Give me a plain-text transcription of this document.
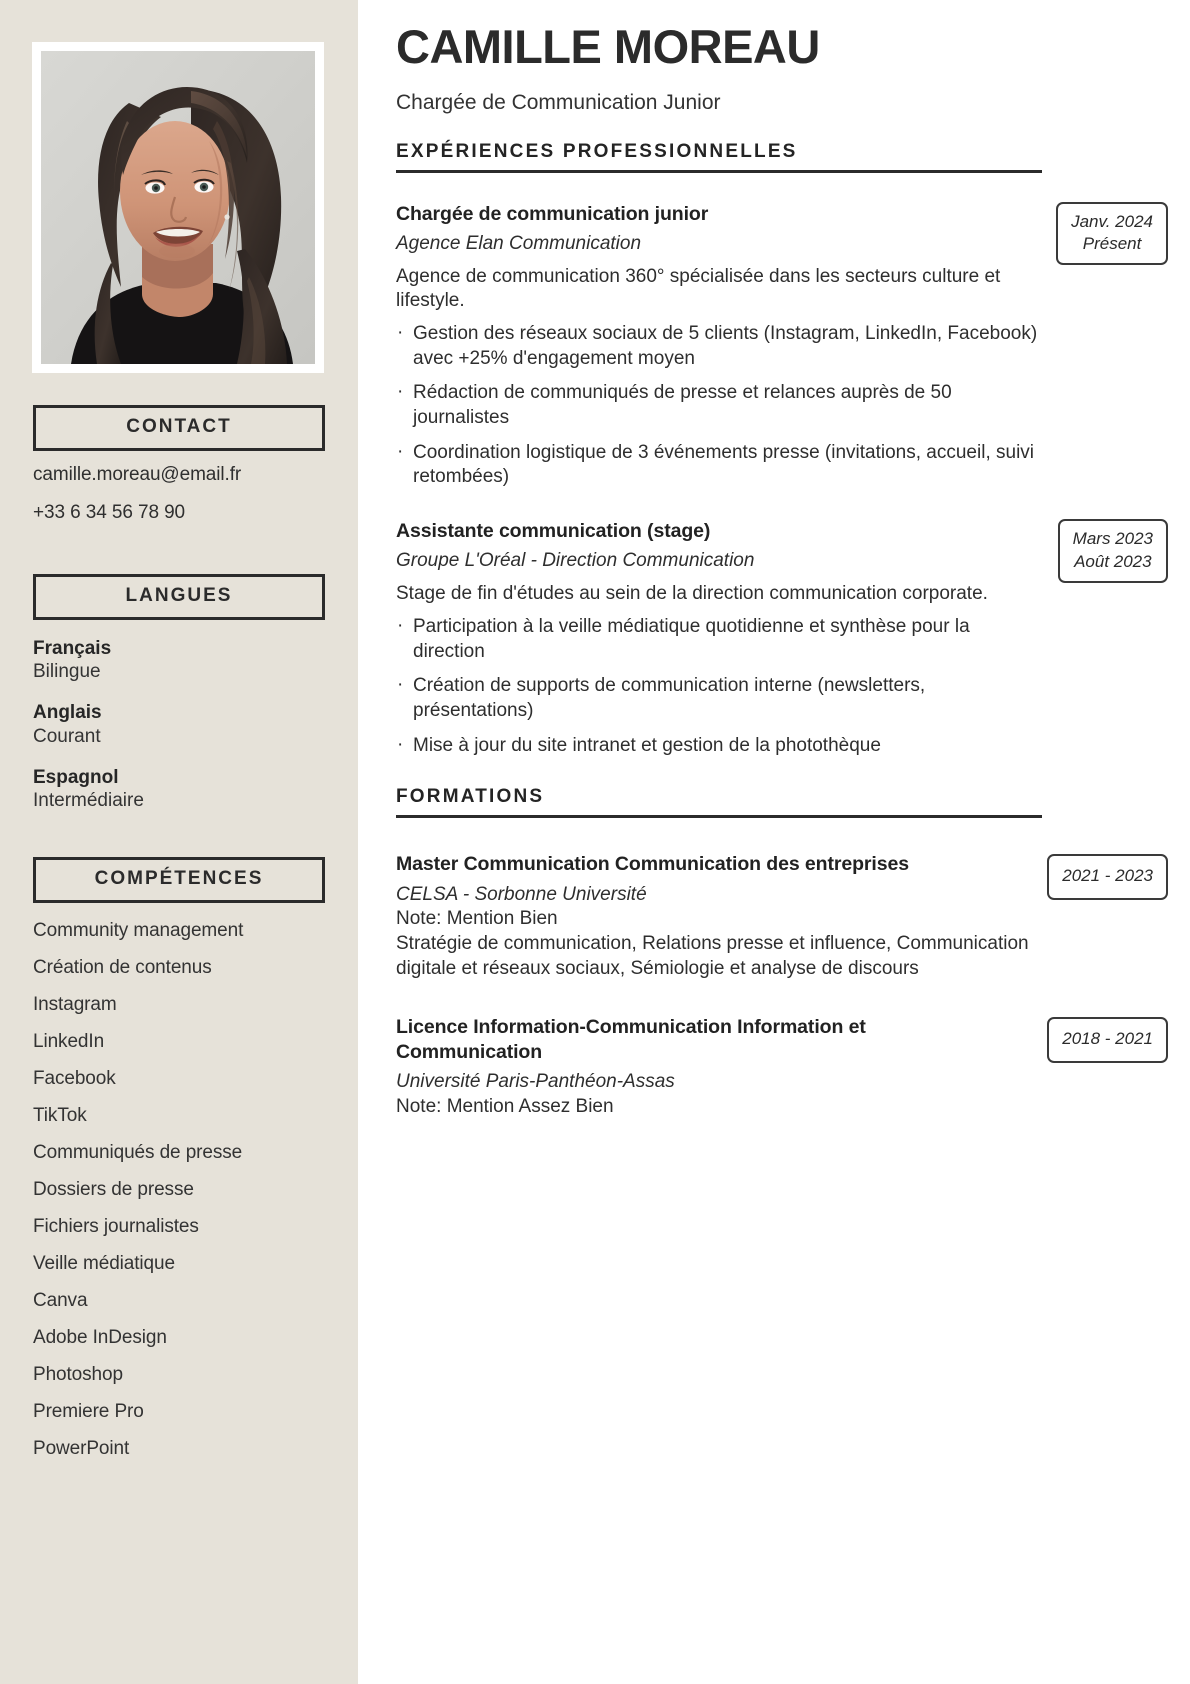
CONTACT
camille.moreau@email.fr
+33 6 34 56 78 90
LANGUES
Français
Bilingue
Anglais
Courant
Espagnol
Intermédiaire
COMPÉTENCES
Community management
Création de contenus
Instagram
LinkedIn
Facebook
TikTok
Communiqués de presse
Dossiers de presse
Fichiers journalistes
Veille médiatique
Canva
Adobe InDesign
Photoshop
Premiere Pro
PowerPoint
CAMILLE MOREAU
Chargée de Communication Junior
EXPÉRIENCES PROFESSIONNELLES
Janv. 2024
Présent
Chargée de communication junior
Agence Elan Communication
Agence de communication 360° spécialisée dans les secteurs culture et lifestyle.
· Gestion des réseaux sociaux de 5 clients (Instagram, LinkedIn, Facebook) avec +25% d'engagement moyen
· Rédaction de communiqués de presse et relances auprès de 50 journalistes
· Coordination logistique de 3 événements presse (invitations, accueil, suivi retombées)
Mars 2023
Août 2023
Assistante communication (stage)
Groupe L'Oréal - Direction Communication
Stage de fin d'études au sein de la direction communication corporate.
· Participation à la veille médiatique quotidienne et synthèse pour la direction
· Création de supports de communication interne (newsletters, présentations)
· Mise à jour du site intranet et gestion de la photothèque
FORMATIONS
2021 - 2023
Master Communication Communication des entreprises
CELSA - Sorbonne Université
Note: Mention Bien
Stratégie de communication, Relations presse et influence, Communication digitale et réseaux sociaux, Sémiologie et analyse de discours
2018 - 2021
Licence Information-Communication Information et Communication
Université Paris-Panthéon-Assas
Note: Mention Assez Bien
